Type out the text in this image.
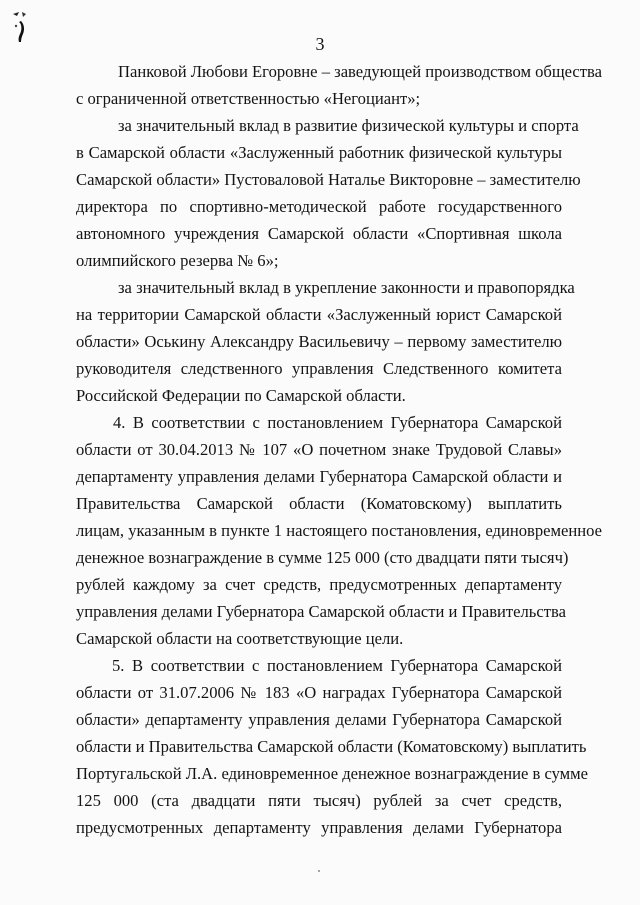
3
Панковой Любови Егоровне – заведующей производством общества
с ограниченной ответственностью «Негоциант»;
за значительный вклад в развитие физической культуры и спорта
в Самарской области «Заслуженный работник физической культуры
Самарской области» Пустоваловой Наталье Викторовне – заместителю
директора по спортивно-методической работе государственного
автономного учреждения Самарской области «Спортивная школа
олимпийского резерва № 6»;
за значительный вклад в укрепление законности и правопорядка
на территории Самарской области «Заслуженный юрист Самарской
области» Оськину Александру Васильевичу – первому заместителю
руководителя следственного управления Следственного комитета
Российской Федерации по Самарской области.
4. В соответствии с постановлением Губернатора Самарской
области от 30.04.2013 № 107 «О почетном знаке Трудовой Славы»
департаменту управления делами Губернатора Самарской области и
Правительства Самарской области (Коматовскому) выплатить
лицам, указанным в пункте 1 настоящего постановления, единовременное
денежное вознаграждение в сумме 125 000 (сто двадцати пяти тысяч)
рублей каждому за счет средств, предусмотренных департаменту
управления делами Губернатора Самарской области и Правительства
Самарской области на соответствующие цели.
5. В соответствии с постановлением Губернатора Самарской
области от 31.07.2006 № 183 «О наградах Губернатора Самарской
области» департаменту управления делами Губернатора Самарской
области и Правительства Самарской области (Коматовскому) выплатить
Португальской Л.А. единовременное денежное вознаграждение в сумме
125 000 (ста двадцати пяти тысяч) рублей за счет средств,
предусмотренных департаменту управления делами Губернатора
